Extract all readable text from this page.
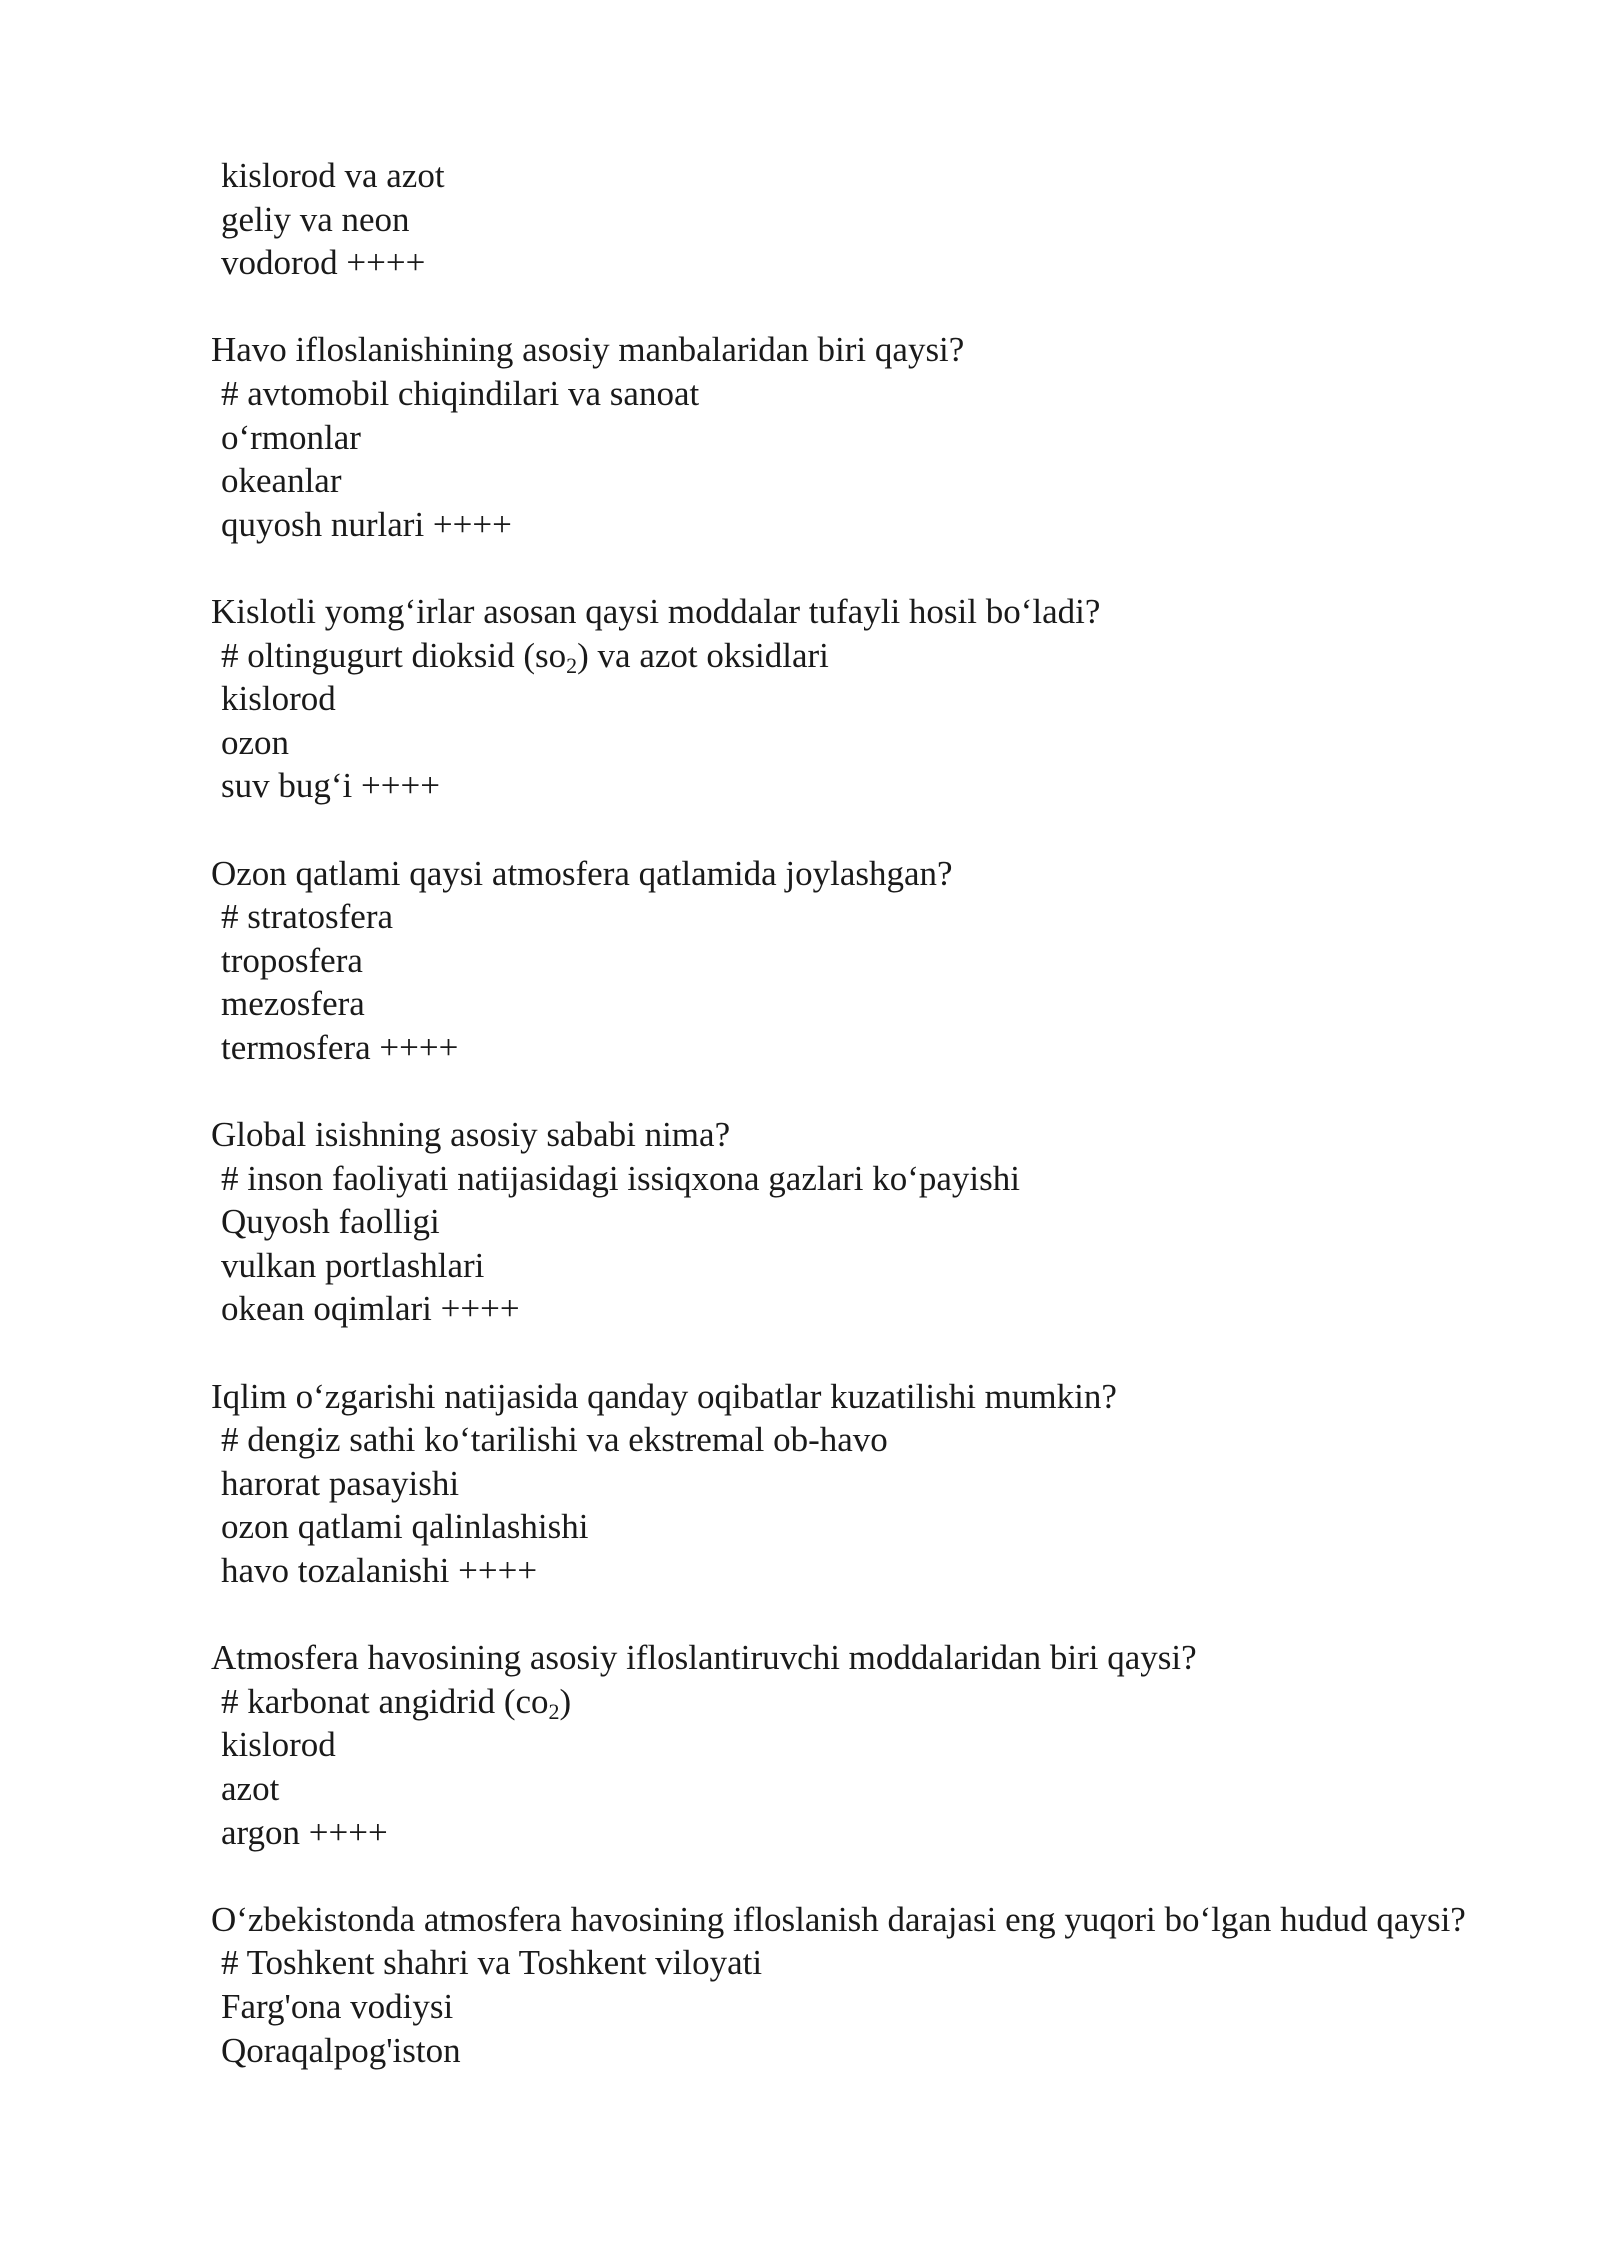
kislorod va azot
geliy va neon
vodorod ++++
Havo ifloslanishining asosiy manbalaridan biri qaysi?
# avtomobil chiqindilari va sanoat
o‘rmonlar
okeanlar
quyosh nurlari ++++
Kislotli yomg‘irlar asosan qaysi moddalar tufayli hosil bo‘ladi?
# oltingugurt dioksid $(so_2)$ va azot oksidlari
kislorod
ozon
suv bug‘i ++++
Ozon qatlami qaysi atmosfera qatlamida joylashgan?
# stratosfera
troposfera
mezosfera
termosfera ++++
Global isishning asosiy sababi nima?
# inson faoliyati natijasidagi issiqxona gazlari ko‘payishi
Quyosh faolligi
vulkan portlashlari
okean oqimlari ++++
Iqlim o‘zgarishi natijasida qanday oqibatlar kuzatilishi mumkin?
# dengiz sathi ko‘tarilishi va ekstremal ob-havo
harorat pasayishi
ozon qatlami qalinlashishi
havo tozalanishi ++++
Atmosfera havosining asosiy ifloslantiruvchi moddalaridan biri qaysi?
# karbonat angidrid $(co_2)$
kislorod
azot
argon ++++
O‘zbekistonda atmosfera havosining ifloslanish darajasi eng yuqori bo‘lgan hudud qaysi?
# Toshkent shahri va Toshkent viloyati
Farg'ona vodiysi
Qoraqalpog'iston
